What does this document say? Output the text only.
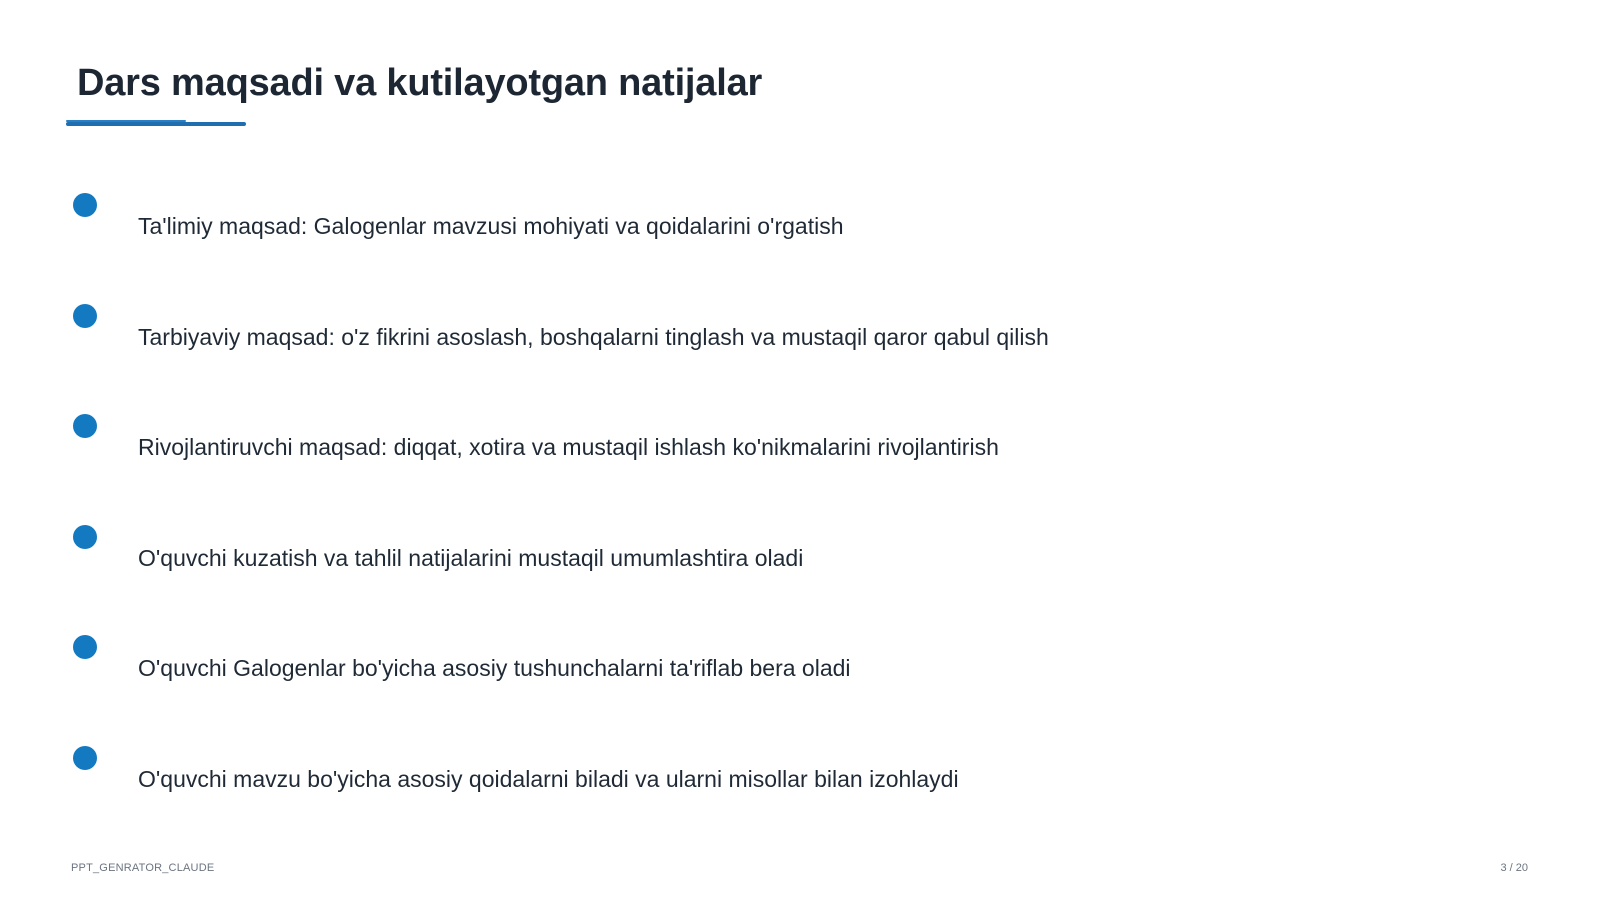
Dars maqsadi va kutilayotgan natijalar
Ta'limiy maqsad: Galogenlar mavzusi mohiyati va qoidalarini o'rgatish
Tarbiyaviy maqsad: o'z fikrini asoslash, boshqalarni tinglash va mustaqil qaror qabul qilish
Rivojlantiruvchi maqsad: diqqat, xotira va mustaqil ishlash ko'nikmalarini rivojlantirish
O'quvchi kuzatish va tahlil natijalarini mustaqil umumlashtira oladi
O'quvchi Galogenlar bo'yicha asosiy tushunchalarni ta'riflab bera oladi
O'quvchi mavzu bo'yicha asosiy qoidalarni biladi va ularni misollar bilan izohlaydi
PPT_GENRATOR_CLAUDE	3 / 20
